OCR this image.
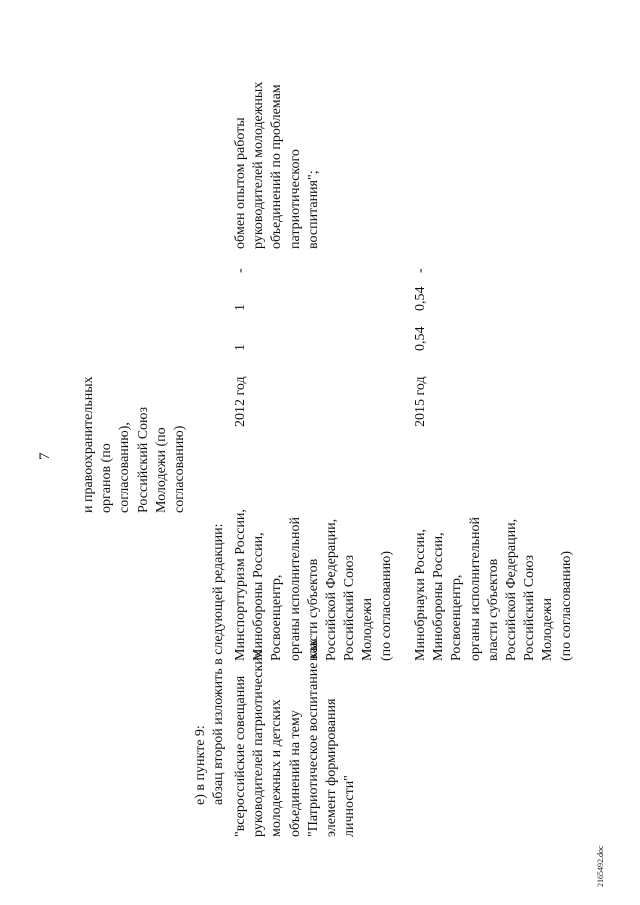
7 и правоохранительных органов (по согласованию), Российский Союз Молодежи (по согласованию)

е) в пункте 9: абзац второй изложить в следующей редакции: "всероссийские совещания руководителей патриотических молодежных и детских объединений на тему "Патриотическое воспитание как элемент формирования личности"

Минспорттуризм России, Минобороны России, Росвоенцентр, органы исполнительной власти субъектов Российской Федерации, Российский Союз Молодежи (по согласованию)

2012 год
1
1
-

обмен опытом работы руководителей молодежных объединений по проблемам патриотического воспитания";

Минобрнауки России, Минобороны России, Росвоенцентр, органы исполнительной власти субъектов Российской Федерации, Российский Союз Молодежи (по согласованию)

2015 год
0,54
0,54
-
2165492.doc
